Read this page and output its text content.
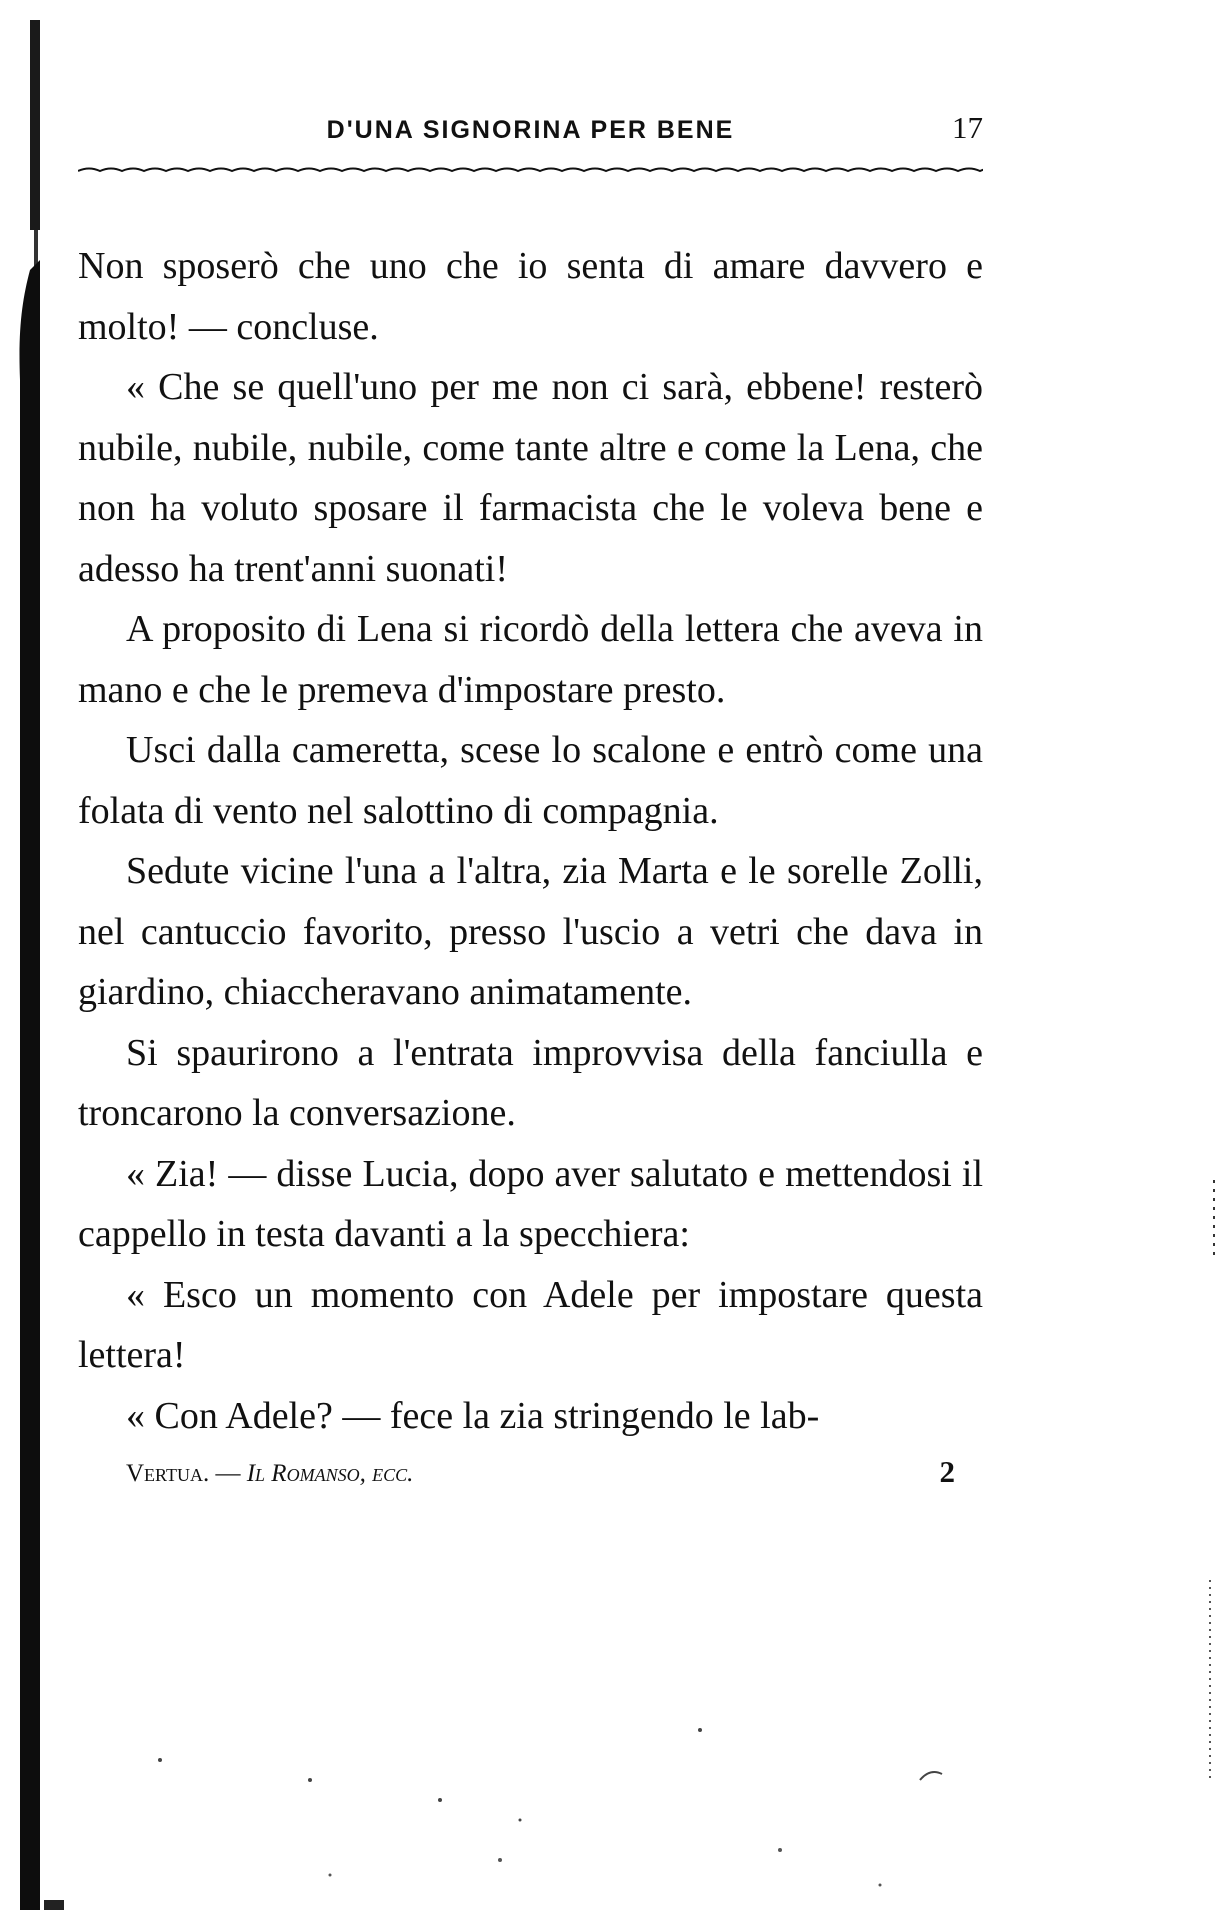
D'UNA SIGNORINA PER BENE	17

Non sposerò che uno che io senta di amare davvero e molto! — concluse.

« Che se quell'uno per me non ci sarà, ebbene! resterò nubile, nubile, nubile, come tante altre e come la Lena, che non ha voluto sposare il farmacista che le voleva bene e adesso ha trent'anni suonati!

A proposito di Lena si ricordò della lettera che aveva in mano e che le premeva d'impostare presto.

Usci dalla cameretta, scese lo scalone e entrò come una folata di vento nel salottino di compagnia.

Sedute vicine l'una a l'altra, zia Marta e le sorelle Zolli, nel cantuccio favorito, presso l'uscio a vetri che dava in giardino, chiaccheravano animatamente.

Si spaurirono a l'entrata improvvisa della fanciulla e troncarono la conversazione.

« Zia! — disse Lucia, dopo aver salutato e mettendosi il cappello in testa davanti a la specchiera:

« Esco un momento con Adele per impostare questa lettera!

« Con Adele? — fece la zia stringendo le lab-

Vertua. — Il Romanso, ecc.	2
